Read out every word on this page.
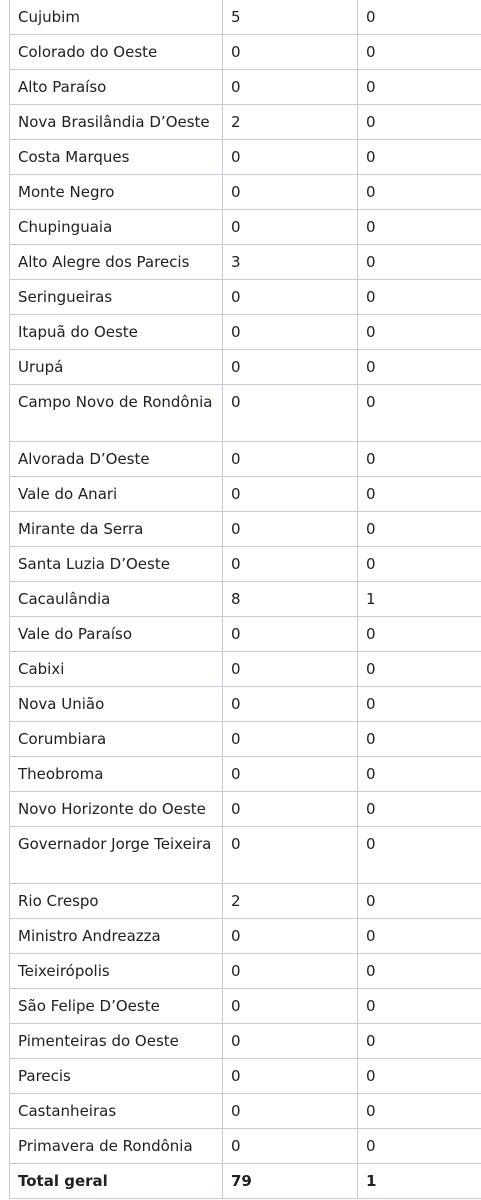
Cujubim	5	0
Colorado do Oeste	0	0
Alto Paraíso	0	0
Nova Brasilândia D’Oeste	2	0
Costa Marques	0	0
Monte Negro	0	0
Chupinguaia	0	0
Alto Alegre dos Parecis	3	0
Seringueiras	0	0
Itapuã do Oeste	0	0
Urupá	0	0
Campo Novo de Rondônia	0	0
Alvorada D’Oeste	0	0
Vale do Anari	0	0
Mirante da Serra	0	0
Santa Luzia D’Oeste	0	0
Cacaulândia	8	1
Vale do Paraíso	0	0
Cabixi	0	0
Nova União	0	0
Corumbiara	0	0
Theobroma	0	0
Novo Horizonte do Oeste	0	0
Governador Jorge Teixeira	0	0
Rio Crespo	2	0
Ministro Andreazza	0	0
Teixeirópolis	0	0
São Felipe D’Oeste	0	0
Pimenteiras do Oeste	0	0
Parecis	0	0
Castanheiras	0	0
Primavera de Rondônia	0	0
Total geral	79	1
